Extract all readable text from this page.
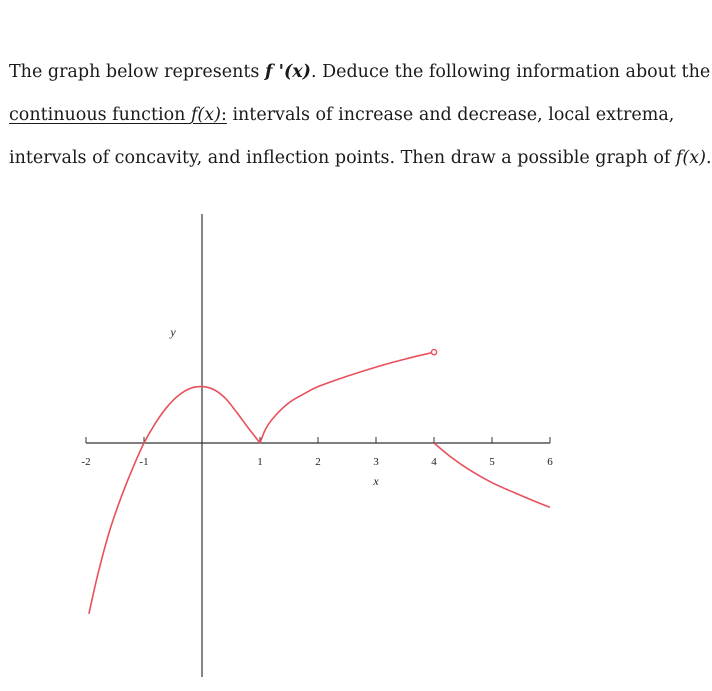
The graph below represents f '(x). Deduce the following information about the
continuous function f(x): intervals of increase and decrease, local extrema,
intervals of concavity, and inflection points. Then draw a possible graph of f(x).
-2	-1	1	2	3	4	5	6
x
y
